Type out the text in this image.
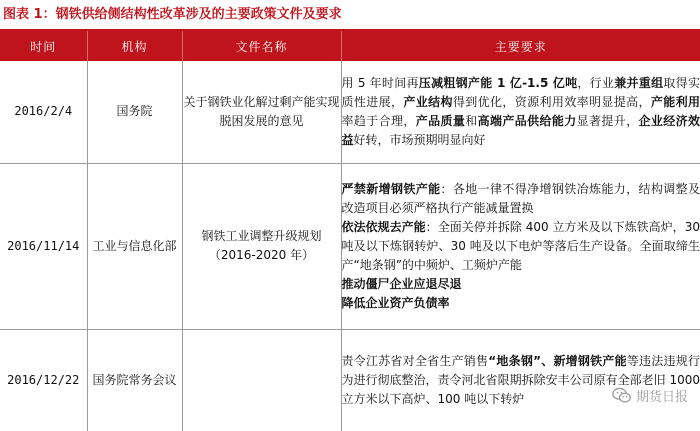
图表 1：钢铁供给侧结构性改革涉及的主要政策文件及要求
时间	机构	文件名称	主要要求
2016/2/4	国务院	关于钢铁业化解过剩产能实现脱困发展的意见	用 5 年时间再压减粗钢产能 1 亿-1.5 亿吨，行业兼并重组取得实质性进展，产业结构得到优化，资源利用效率明显提高，产能利用率趋于合理，产品质量和高端产品供给能力显著提升，企业经济效益好转，市场预期明显向好

2016/11/14	工业与信息化部	钢铁工业调整升级规划（2016-2020 年）	严禁新增钢铁产能：各地一律不得净增钢铁冶炼能力，结构调整及改造项目必须严格执行产能减量置换

依法依规去产能：全面关停并拆除 400 立方米及以下炼铁高炉，30 吨及以下炼钢转炉、30 吨及以下电炉等落后生产设备。全面取缔生产“地条钢”的中频炉、工频炉产能

推动僵尸企业应退尽退

降低企业资产负债率

2016/12/22	国务院常务会议		责令江苏省对全省生产销售“地条钢”、新增钢铁产能等违法违规行为进行彻底整治，责令河北省限期拆除安丰公司原有全部老旧 1000 立方米以下高炉、100 吨以下转炉	期货日报
